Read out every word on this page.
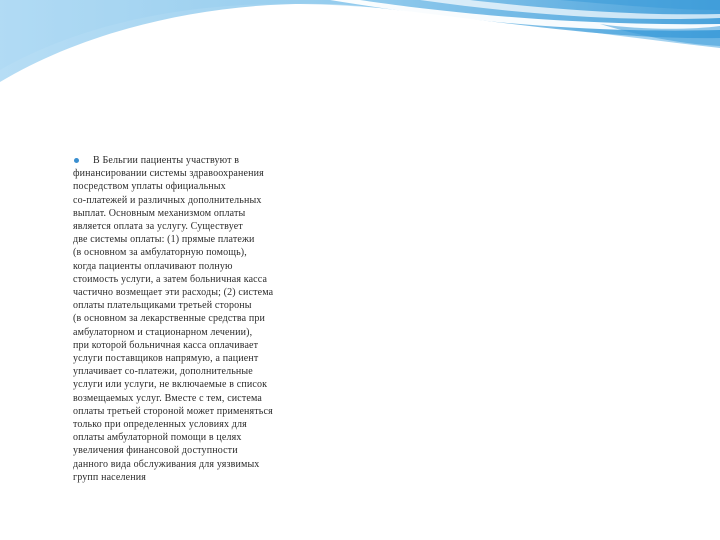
В Бельгии пациенты участвуют в
финансировании системы здравоохранения
посредством уплаты официальных
со-платежей и различных дополнительных
выплат. Основным механизмом оплаты
является оплата за услугу. Существует
две системы оплаты: (1) прямые платежи
(в основном за амбулаторную помощь),
когда пациенты оплачивают полную
стоимость услуги, а затем больничная касса
частично возмещает эти расходы; (2) система
оплаты плательщиками третьей стороны
(в основном за лекарственные средства при
амбулаторном и стационарном лечении),
при которой больничная касса оплачивает
услуги поставщиков напрямую, а пациент
уплачивает со-платежи, дополнительные
услуги или услуги, не включаемые в список
возмещаемых услуг. Вместе с тем, система
оплаты третьей стороной может применяться
только при определенных условиях для
оплаты амбулаторной помощи в целях
увеличения финансовой доступности
данного вида обслуживания для уязвимых
групп населения
